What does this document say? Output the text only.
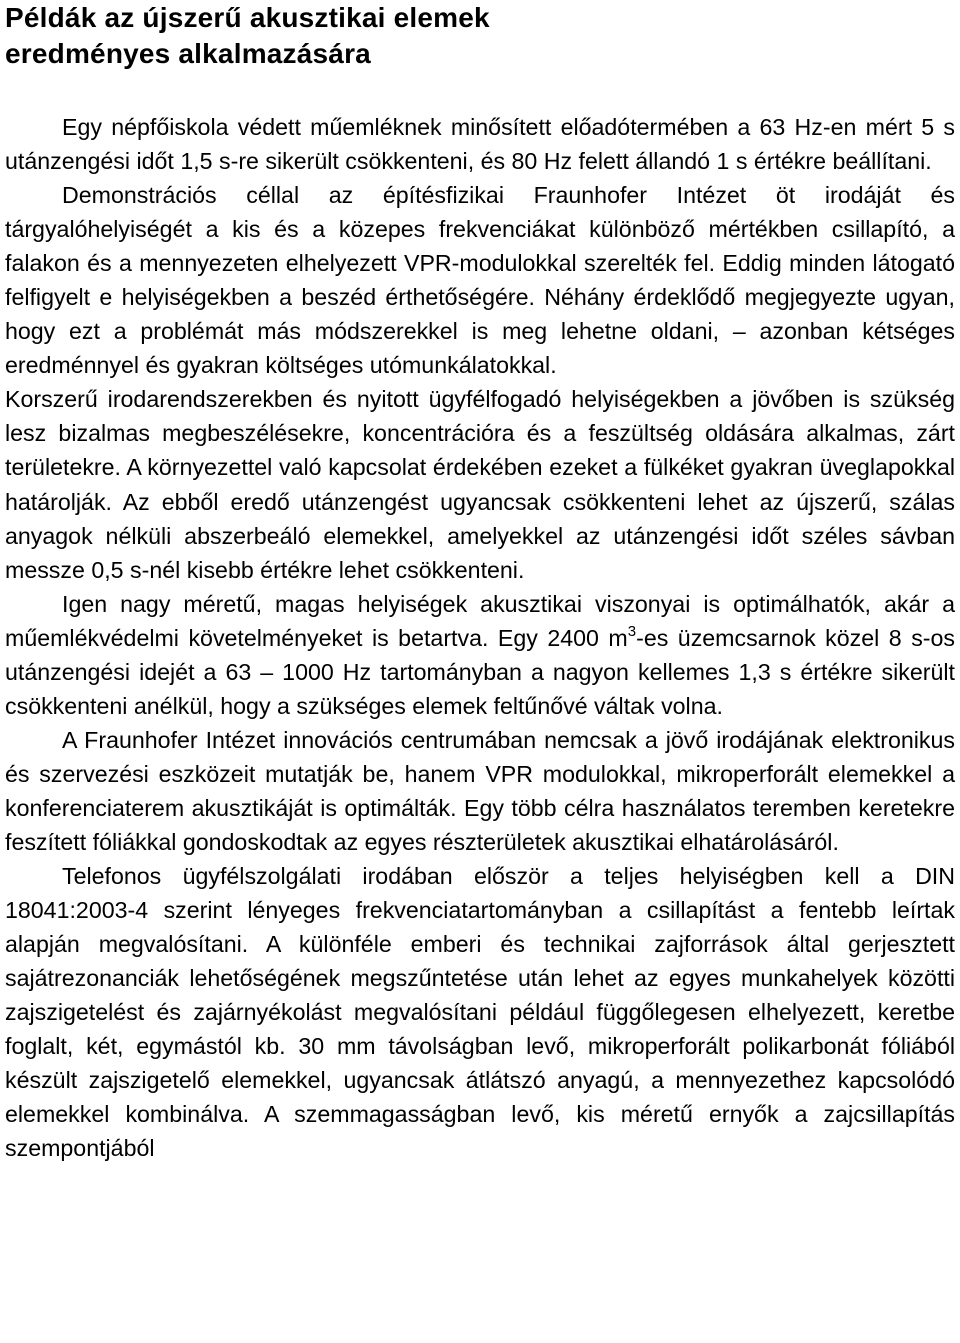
Példák az újszerű akusztikai elemek
eredményes alkalmazására

Egy népfőiskola védett műemléknek minősített előadótermében a 63 Hz-en mért 5 s utánzengési időt 1,5 s-re sikerült csökkenteni, és 80 Hz felett állandó 1 s értékre beállítani.

Demonstrációs céllal az építésfizikai Fraunhofer Intézet öt irodáját és tárgyalóhelyiségét a kis és a közepes frekvenciákat különböző mértékben csillapító, a falakon és a mennyezeten elhelyezett VPR-modulokkal szerelték fel. Eddig minden látogató felfigyelt e helyiségekben a beszéd érthetőségére. Néhány érdeklődő megjegyezte ugyan, hogy ezt a problémát más módszerekkel is meg lehetne oldani, – azonban kétséges eredménnyel és gyakran költséges utómunkálatokkal.

Korszerű irodarendszerekben és nyitott ügyfélfogadó helyiségekben a jövőben is szükség lesz bizalmas megbeszélésekre, koncentrációra és a feszültség oldására alkalmas, zárt területekre. A környezettel való kapcsolat érdekében ezeket a fülkéket gyakran üveglapokkal határolják. Az ebből eredő utánzengést ugyancsak csökkenteni lehet az újszerű, szálas anyagok nélküli abszerbeáló elemekkel, amelyekkel az utánzengési időt széles sávban messze 0,5 s-nél kisebb értékre lehet csökkenteni.

Igen nagy méretű, magas helyiségek akusztikai viszonyai is optimálhatók, akár a műemlékvédelmi követelményeket is betartva. Egy 2400 $m^3-es$ üzemcsarnok közel 8 s-os utánzengési idejét a 63 – 1000 Hz tartományban a nagyon kellemes 1,3 s értékre sikerült csökkenteni anélkül, hogy a szükséges elemek feltűnővé váltak volna.

A Fraunhofer Intézet innovációs centrumában nemcsak a jövő irodájának elektronikus és szervezési eszközeit mutatják be, hanem VPR modulokkal, mikroperforált elemekkel a konferenciaterem akusztikáját is optimálták. Egy több célra használatos teremben keretekre feszített fóliákkal gondoskodtak az egyes részterületek akusztikai elhatárolásáról.

Telefonos ügyfélszolgálati irodában először a teljes helyiségben kell a DIN 18041:2003-4 szerint lényeges frekvenciatartományban a csillapítást a fentebb leírtak alapján megvalósítani. A különféle emberi és technikai zajforrások által gerjesztett sajátrezonanciák lehetőségének megszűntetése után lehet az egyes munkahelyek közötti zajszigetelést és zajárnyékolást megvalósítani például függőlegesen elhelyezett, keretbe foglalt, két, egymástól kb. 30 mm távolságban levő, mikroperforált polikarbonát fóliából készült zajszigetelő elemekkel, ugyancsak átlátszó anyagú, a mennyezethez kapcsolódó elemekkel kombinálva. A szemmagasságban levő, kis méretű ernyők a zajcsillapítás szempontjából
